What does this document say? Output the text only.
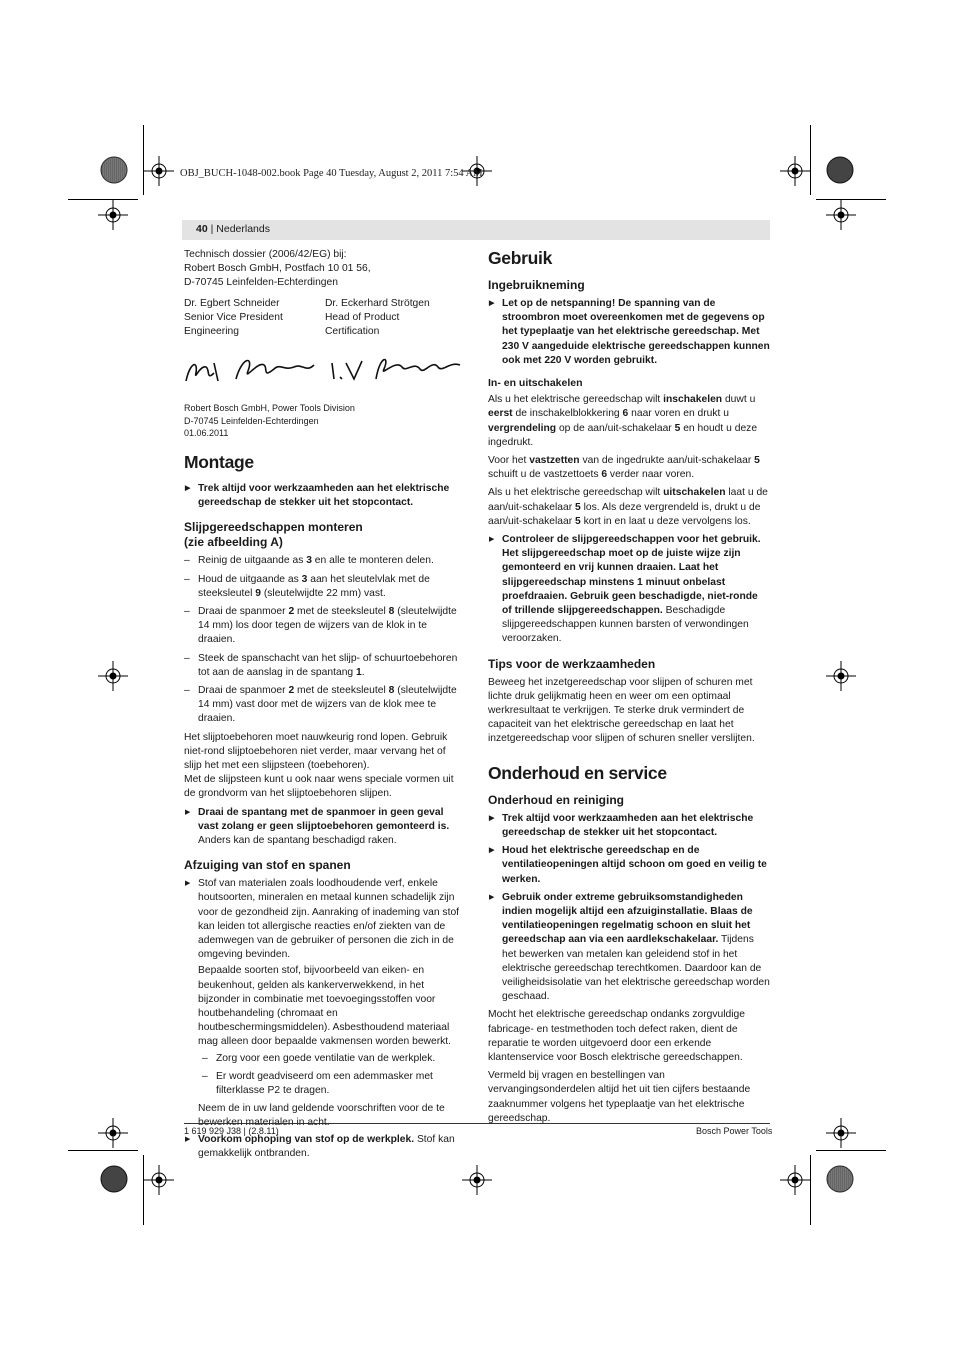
OBJ_BUCH-1048-002.book Page 40 Tuesday, August 2, 2011 7:54 AM
40 | Nederlands
Technisch dossier (2006/42/EG) bij:
Robert Bosch GmbH, Postfach 10 01 56,
D-70745 Leinfelden-Echterdingen
Dr. Egbert Schneider
Senior Vice President
Engineering
Dr. Eckerhard Strötgen
Head of Product
Certification
Robert Bosch GmbH, Power Tools Division
D-70745 Leinfelden-Echterdingen
01.06.2011
Montage

▶ Trek altijd voor werkzaamheden aan het elektrische gereedschap de stekker uit het stopcontact.

Slijpgereedschappen monteren
(zie afbeelding A)

– Reinig de uitgaande as 3 en alle te monteren delen.

– Houd de uitgaande as 3 aan het sleutelvlak met de steeksleutel 9 (sleutelwijdte 22 mm) vast.

– Draai de spanmoer 2 met de steeksleutel 8 (sleutelwijdte 14 mm) los door tegen de wijzers van de klok in te draaien.

– Steek de spanschacht van het slijp- of schuurtoebehoren tot aan de aanslag in de spantang 1.

– Draai de spanmoer 2 met de steeksleutel 8 (sleutelwijdte 14 mm) vast door met de wijzers van de klok mee te draaien.

Het slijptoebehoren moet nauwkeurig rond lopen. Gebruik niet-rond slijptoebehoren niet verder, maar vervang het of slijp het met een slijpsteen (toebehoren).

Met de slijpsteen kunt u ook naar wens speciale vormen uit de grondvorm van het slijptoebehoren slijpen.

▶ Draai de spantang met de spanmoer in geen geval vast zolang er geen slijptoebehoren gemonteerd is. Anders kan de spantang beschadigd raken.

Afzuiging van stof en spanen

▶ Stof van materialen zoals loodhoudende verf, enkele houtsoorten, mineralen en metaal kunnen schadelijk zijn voor de gezondheid zijn. Aanraking of inademing van stof kan leiden tot allergische reacties en/of ziekten van de ademwegen van de gebruiker of personen die zich in de omgeving bevinden.

Bepaalde soorten stof, bijvoorbeeld van eiken- en beukenhout, gelden als kankerverwekkend, in het bijzonder in combinatie met toevoegingsstoffen voor houtbehandeling (chromaat en houtbeschermingsmiddelen). Asbesthoudend materiaal mag alleen door bepaalde vakmensen worden bewerkt.

– Zorg voor een goede ventilatie van de werkplek.

– Er wordt geadviseerd om een ademmasker met filterklasse P2 te dragen.

Neem de in uw land geldende voorschriften voor de te bewerken materialen in acht.

▶ Voorkom ophoping van stof op de werkplek. Stof kan gemakkelijk ontbranden.

Gebruik
Ingebruikneming

▶ Let op de netspanning! De spanning van de stroombron moet overeenkomen met de gegevens op het typeplaatje van het elektrische gereedschap. Met 230 V aangeduide elektrische gereedschappen kunnen ook met 220 V worden gebruikt.

In- en uitschakelen

Als u het elektrische gereedschap wilt inschakelen duwt u eerst de inschakelblokkering 6 naar voren en drukt u vergrendeling op de aan/uit-schakelaar 5 en houdt u deze ingedrukt.

Voor het vastzetten van de ingedrukte aan/uit-schakelaar 5 schuift u de vastzettoets 6 verder naar voren.

Als u het elektrische gereedschap wilt uitschakelen laat u de aan/uit-schakelaar 5 los. Als deze vergrendeld is, drukt u de aan/uit-schakelaar 5 kort in en laat u deze vervolgens los.

▶ Controleer de slijpgereedschappen voor het gebruik. Het slijpgereedschap moet op de juiste wijze zijn gemonteerd en vrij kunnen draaien. Laat het slijpgereedschap minstens 1 minuut onbelast proefdraaien. Gebruik geen beschadigde, niet-ronde of trillende slijpgereedschappen. Beschadigde slijpgereedschappen kunnen barsten of verwondingen veroorzaken.

Tips voor de werkzaamheden

Beweeg het inzetgereedschap voor slijpen of schuren met lichte druk gelijkmatig heen en weer om een optimaal werkresultaat te verkrijgen. Te sterke druk vermindert de capaciteit van het elektrische gereedschap en laat het inzetgereedschap voor slijpen of schuren sneller verslijten.

Onderhoud en service
Onderhoud en reiniging

▶ Trek altijd voor werkzaamheden aan het elektrische gereedschap de stekker uit het stopcontact.

▶ Houd het elektrische gereedschap en de ventilatieopeningen altijd schoon om goed en veilig te werken.

▶ Gebruik onder extreme gebruiksomstandigheden indien mogelijk altijd een afzuiginstallatie. Blaas de ventilatieopeningen regelmatig schoon en sluit het gereedschap aan via een aardlekschakelaar. Tijdens het bewerken van metalen kan geleidend stof in het elektrische gereedschap terechtkomen. Daardoor kan de veiligheidsisolatie van het elektrische gereedschap worden geschaad.

Mocht het elektrische gereedschap ondanks zorgvuldige fabricage- en testmethoden toch defect raken, dient de reparatie te worden uitgevoerd door een erkende klantenservice voor Bosch elektrische gereedschappen.

Vermeld bij vragen en bestellingen van vervangingsonderdelen altijd het uit tien cijfers bestaande zaaknummer volgens het typeplaatje van het elektrische gereedschap.

1 619 929 J38 | (2.8.11)	Bosch Power Tools
